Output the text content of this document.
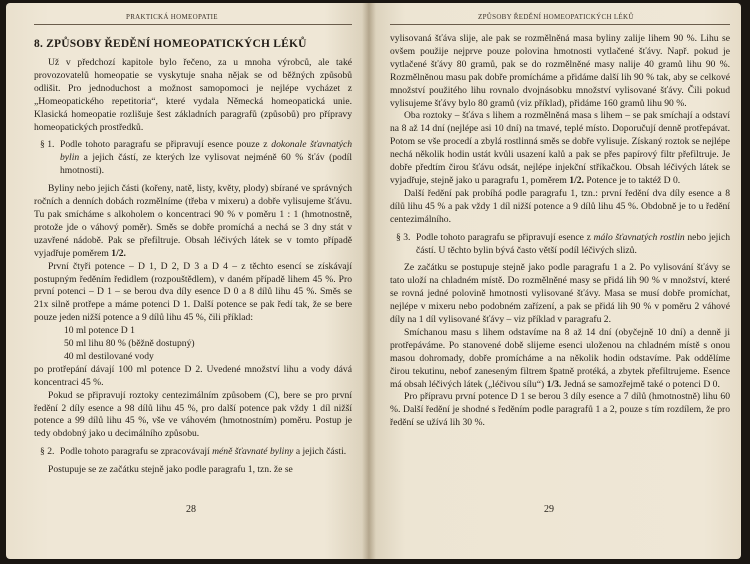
PRAKTICKÁ HOMEOPATIE
8. ZPŮSOBY ŘEDĚNÍ HOMEOPATICKÝCH LÉKŮ

Už v předchozí kapitole bylo řečeno, za u mnoha výrobců, ale také provozovatelů homeopatie se vyskytuje snaha nějak se od běžných způsobů odlišit. Pro jednoduchost a možnost samopomoci je nejlépe vycházet z „Homeopatického repetitoria“, které vydala Německá homeopatická unie. Klasická homeopatie rozlišuje šest základních paragrafů (způsobů) pro přípravy homeopatických prostředků.

§ 1. Podle tohoto paragrafu se připravují esence pouze z dokonale šťavnatých bylin a jejich částí, ze kterých lze vylisovat nejméně 60 % šťáv (podíl hmotnosti).

Byliny nebo jejich části (kořeny, natě, listy, květy, plody) sbírané ve správných ročních a denních dobách rozmělníme (třeba v mixeru) a dobře vylisujeme šťávu. Tu pak smícháme s alkoholem o koncentraci 90 % v poměru 1 : 1 (hmotnostně, protože jde o váhový poměr). Směs se dobře promíchá a nechá se 3 dny stát v uzavřené nádobě. Pak se přefiltruje. Obsah léčivých látek se v tomto případě vyjadřuje poměrem 1/2.

První čtyři potence – D 1, D 2, D 3 a D 4 – z těchto esencí se získávají postupným ředěním ředidlem (rozpouštědlem), v daném případě lihem 45 %. Pro první potenci – D 1 – se berou dva díly esence D 0 a 8 dílů lihu 45 %. Směs se 21x silně protřepe a máme potenci D 1. Další potence se pak ředí tak, že se bere pouze jeden nižší potence a 9 dílů lihu 45 %, čili příklad:

10 ml potence D 1
50 ml lihu 80 % (běžně dostupný)
40 ml destilované vody

po protřepání dávají 100 ml potence D 2. Uvedené množství lihu a vody dává koncentraci 45 %.

Pokud se připravují roztoky centezimálním způsobem (C), bere se pro první ředění 2 díly esence a 98 dílů lihu 45 %, pro další potence pak vždy 1 díl nižší potence a 99 dílů lihu 45 %, vše ve váhovém (hmotnostním) poměru. Postup je tedy obdobný jako u decimálního způsobu.

§ 2. Podle tohoto paragrafu se zpracovávají méně šťavnaté byliny a jejich části.

Postupuje se ze začátku stejně jako podle paragrafu 1, tzn. že se

28
ZPŮSOBY ŘEDĚNÍ HOMEOPATICKÝCH LÉKŮ

vylisovaná šťáva slije, ale pak se rozmělněná masa byliny zalije lihem 90 %. Lihu se ovšem použije nejprve pouze polovina hmotnosti vytlačené šťávy. Např. pokud je vytlačené šťávy 80 gramů, pak se do rozmělněné masy nalije 40 gramů lihu 90 %. Rozmělněnou masu pak dobře promícháme a přidáme další lih 90 % tak, aby se celkové množství použitého lihu rovnalo dvojnásobku množství vylisované šťávy. Čili pokud vylisujeme šťávy bylo 80 gramů (viz příklad), přidáme 160 gramů lihu 90 %.

Oba roztoky – šťáva s lihem a rozmělněná masa s lihem – se pak smíchají a odstaví na 8 až 14 dní (nejlépe asi 10 dní) na tmavé, teplé místo. Doporučují denně protřepávat. Potom se vše procedí a zbylá rostlinná směs se dobře vylisuje. Získaný roztok se nejlépe nechá několik hodin ustát kvůli usazení kalů a pak se přes papírový filtr přefiltruje. Je dobře předtím čirou šťávu odsát, nejlépe injekční stříkačkou. Obsah léčivých látek se vyjadřuje, stejně jako u paragrafu 1, poměrem 1/2. Potence je to taktéž D 0.

Další ředění pak probíhá podle paragrafu 1, tzn.: první ředění dva díly esence a 8 dílů lihu 45 % a pak vždy 1 díl nižší potence a 9 dílů lihu 45 %. Obdobně je to u ředění centezimálního.

§ 3. Podle tohoto paragrafu se připravují esence z málo šťavnatých rostlin nebo jejich částí. U těchto bylin bývá často větší podíl léčivých slizů.

Ze začátku se postupuje stejně jako podle paragrafu 1 a 2. Po vylisování šťávy se tato uloží na chladném místě. Do rozmělněné masy se přidá lih 90 % v množství, které se rovná jedné polovině hmotnosti vylisované šťávy. Masa se musí dobře promíchat, nejlépe v mixeru nebo podobném zařízení, a pak se přidá lih 90 % v poměru 2 váhové díly na 1 díl vylisované šťávy – viz příklad v paragrafu 2.

Smíchanou masu s lihem odstavíme na 8 až 14 dní (obyčejně 10 dní) a denně ji protřepáváme. Po stanovené době slijeme esenci uloženou na chladném místě s onou masou dohromady, dobře promícháme a na několik hodin odstavíme. Pak oddělíme čirou tekutinu, nebof zaneseným filtrem špatně protéká, a zbytek přefiltrujeme. Esence má obsah léčivých látek („léčivou sílu“) 1/3. Jedná se samozřejmě také o potenci D 0.

Pro přípravu první potence D 1 se berou 3 díly esence a 7 dílů (hmotnostně) lihu 60 %. Další ředění je shodné s ředěním podle paragrafů 1 a 2, pouze s tím rozdílem, že pro ředění se užívá lih 30 %.

29
